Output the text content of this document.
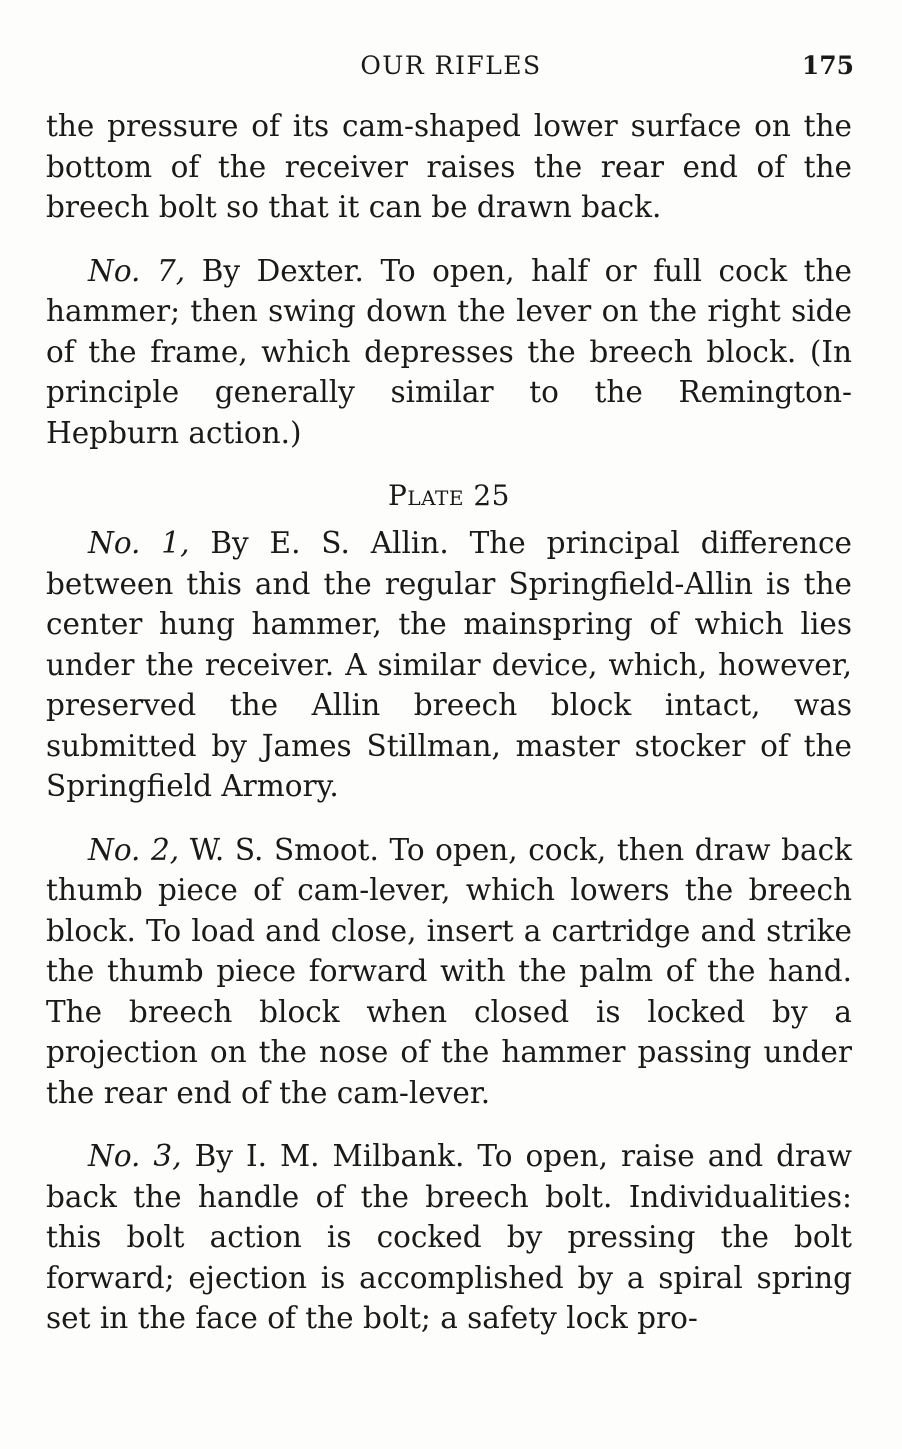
OUR RIFLES	175

the pressure of its cam-shaped lower surface on the bottom of the receiver raises the rear end of the breech bolt so that it can be drawn back.

No. 7, By Dexter. To open, half or full cock the hammer; then swing down the lever on the right side of the frame, which depresses the breech block. (In principle generally similar to the Remington-Hepburn action.)

Plate 25

No. 1, By E. S. Allin. The principal difference between this and the regular Springfield-Allin is the center hung hammer, the mainspring of which lies under the receiver. A similar device, which, however, preserved the Allin breech block intact, was submitted by James Stillman, master stocker of the Springfield Armory.

No. 2, W. S. Smoot. To open, cock, then draw back thumb piece of cam-lever, which lowers the breech block. To load and close, insert a cartridge and strike the thumb piece forward with the palm of the hand. The breech block when closed is locked by a projection on the nose of the hammer passing under the rear end of the cam-lever.

No. 3, By I. M. Milbank. To open, raise and draw back the handle of the breech bolt. Individualities: this bolt action is cocked by pressing the bolt forward; ejection is accomplished by a spiral spring set in the face of the bolt; a safety lock pro-
